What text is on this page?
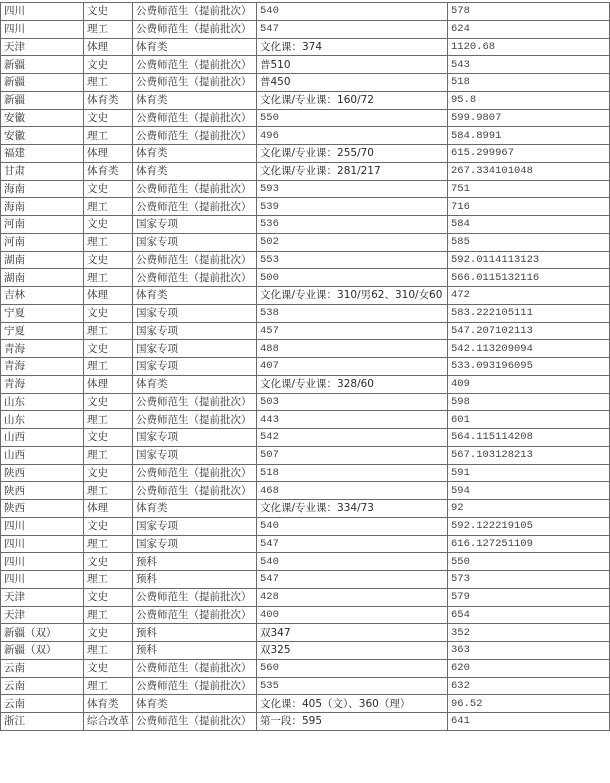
四川	文史	公费师范生（提前批次）	540	578
四川	理工	公费师范生（提前批次）	547	624
天津	体理	体育类	文化课：374	1120.68
新疆	文史	公费师范生（提前批次）	普510	543
新疆	理工	公费师范生（提前批次）	普450	518
新疆	体育类	体育类	文化课/专业课：160/72	95.8
安徽	文史	公费师范生（提前批次）	550	599.9807
安徽	理工	公费师范生（提前批次）	496	584.8991
福建	体理	体育类	文化课/专业课：255/70	615.299967
甘肃	体育类	体育类	文化课/专业课：281/217	267.334101048
海南	文史	公费师范生（提前批次）	593	751
海南	理工	公费师范生（提前批次）	539	716
河南	文史	国家专项	536	584
河南	理工	国家专项	502	585
湖南	文史	公费师范生（提前批次）	553	592.0114113123
湖南	理工	公费师范生（提前批次）	500	566.0115132116
吉林	体理	体育类	文化课/专业课：310/男62、310/女60	472
宁夏	文史	国家专项	538	583.222105111
宁夏	理工	国家专项	457	547.207102113
青海	文史	国家专项	488	542.113209094
青海	理工	国家专项	407	533.093196095
青海	体理	体育类	文化课/专业课：328/60	409
山东	文史	公费师范生（提前批次）	503	598
山东	理工	公费师范生（提前批次）	443	601
山西	文史	国家专项	542	564.115114208
山西	理工	国家专项	507	567.103128213
陕西	文史	公费师范生（提前批次）	518	591
陕西	理工	公费师范生（提前批次）	468	594
陕西	体理	体育类	文化课/专业课：334/73	92
四川	文史	国家专项	540	592.122219105
四川	理工	国家专项	547	616.127251109
四川	文史	预科	540	550
四川	理工	预科	547	573
天津	文史	公费师范生（提前批次）	428	579
天津	理工	公费师范生（提前批次）	400	654
新疆（双）	文史	预科	双347	352
新疆（双）	理工	预科	双325	363
云南	文史	公费师范生（提前批次）	560	620
云南	理工	公费师范生（提前批次）	535	632
云南	体育类	体育类	文化课：405（文）、360（理）	96.52
浙江	综合改革	公费师范生（提前批次）	第一段：595	641
